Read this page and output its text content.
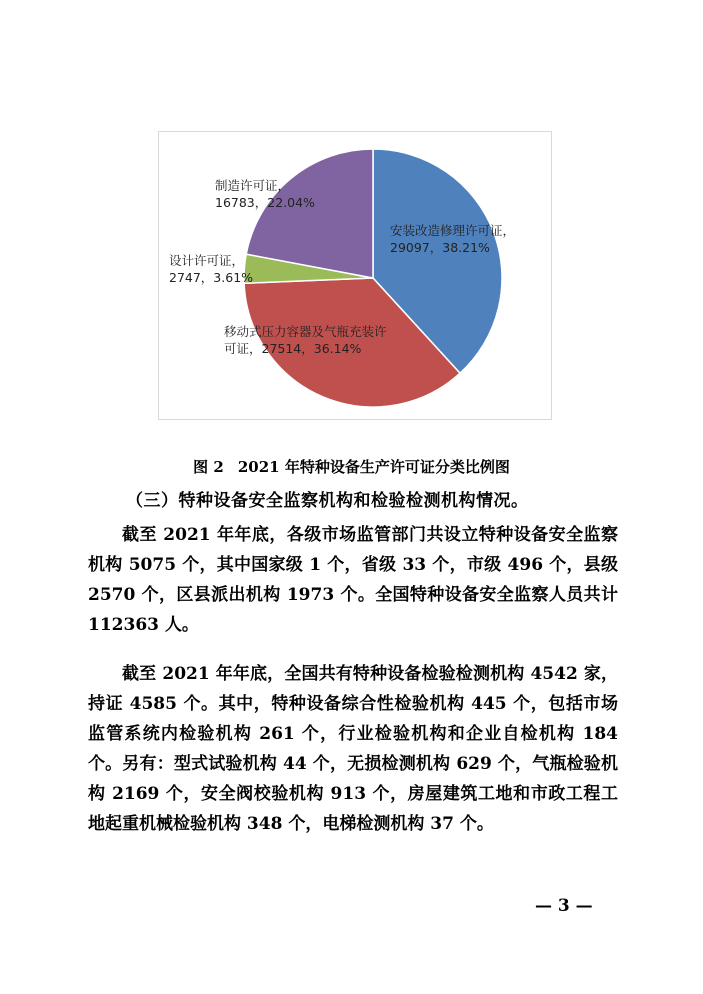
安装改造修理许可证， 29097，38.21%
移动式压力容器及气瓶充装许可证，27514，36.14%
设计许可证， 2747，3.61%
制造许可证， 16783，22.04%
图 2 2021 年特种设备生产许可证分类比例图
（三）特种设备安全监察机构和检验检测机构情况。

截至 2021 年年底，各级市场监管部门共设立特种设备安全监察机构 5075 个，其中国家级 1 个，省级 33 个，市级 496 个，县级 2570 个，区县派出机构 1973 个。全国特种设备安全监察人员共计 112363 人。

截至 2021 年年底，全国共有特种设备检验检测机构 4542 家，持证 4585 个。其中，特种设备综合性检验机构 445 个，包括市场监管系统内检验机构 261 个，行业检验机构和企业自检机构 184 个。另有：型式试验机构 44 个，无损检测机构 629 个，气瓶检验机构 2169 个，安全阀校验机构 913 个，房屋建筑工地和市政工程工地起重机械检验机构 348 个，电梯检测机构 37 个。

— 3 —
